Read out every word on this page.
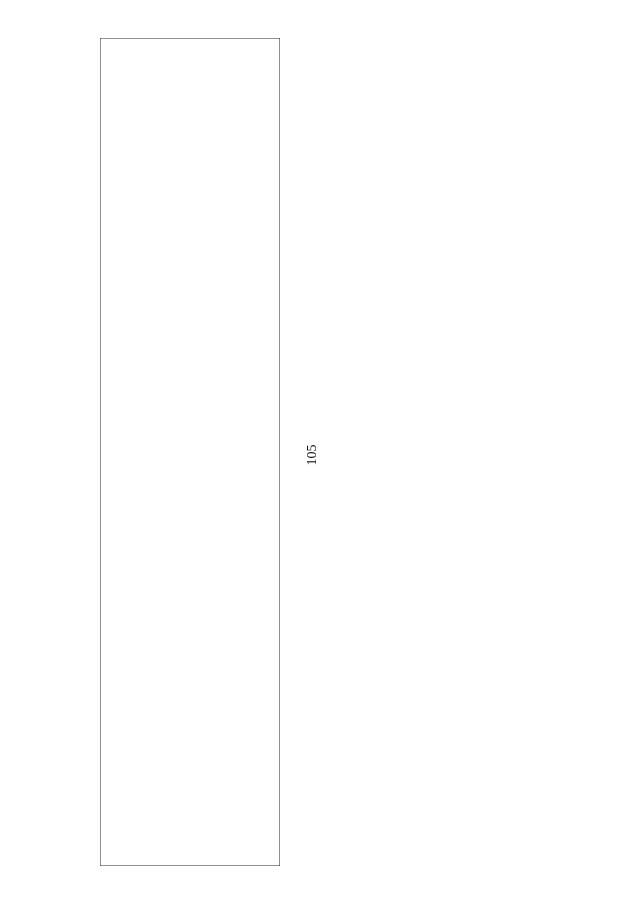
105
